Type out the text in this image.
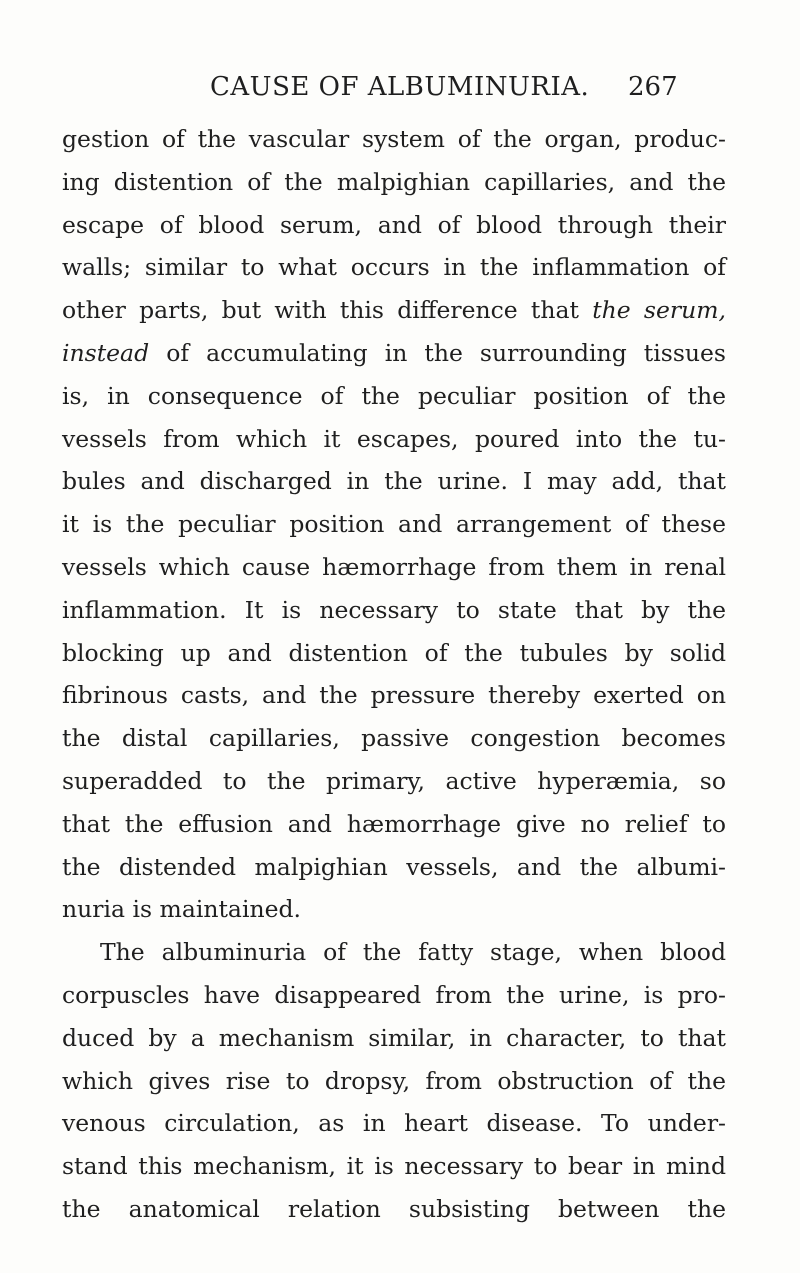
CAUSE OF ALBUMINURIA. 267
gestion of the vascular system of the organ, produc-
ing distention of the malpighian capillaries, and the
escape of blood serum, and of blood through their
walls; similar to what occurs in the inflammation of
other parts, but with this difference that the serum,
instead of accumulating in the surrounding tissues
is, in consequence of the peculiar position of the
vessels from which it escapes, poured into the tu-
bules and discharged in the urine. I may add, that
it is the peculiar position and arrangement of these
vessels which cause hæmorrhage from them in renal
inflammation. It is necessary to state that by the
blocking up and distention of the tubules by solid
fibrinous casts, and the pressure thereby exerted on
the distal capillaries, passive congestion becomes
superadded to the primary, active hyperæmia, so
that the effusion and hæmorrhage give no relief to
the distended malpighian vessels, and the albumi-
nuria is maintained.
The albuminuria of the fatty stage, when blood
corpuscles have disappeared from the urine, is pro-
duced by a mechanism similar, in character, to that
which gives rise to dropsy, from obstruction of the
venous circulation, as in heart disease. To under-
stand this mechanism, it is necessary to bear in mind
the anatomical relation subsisting between the
